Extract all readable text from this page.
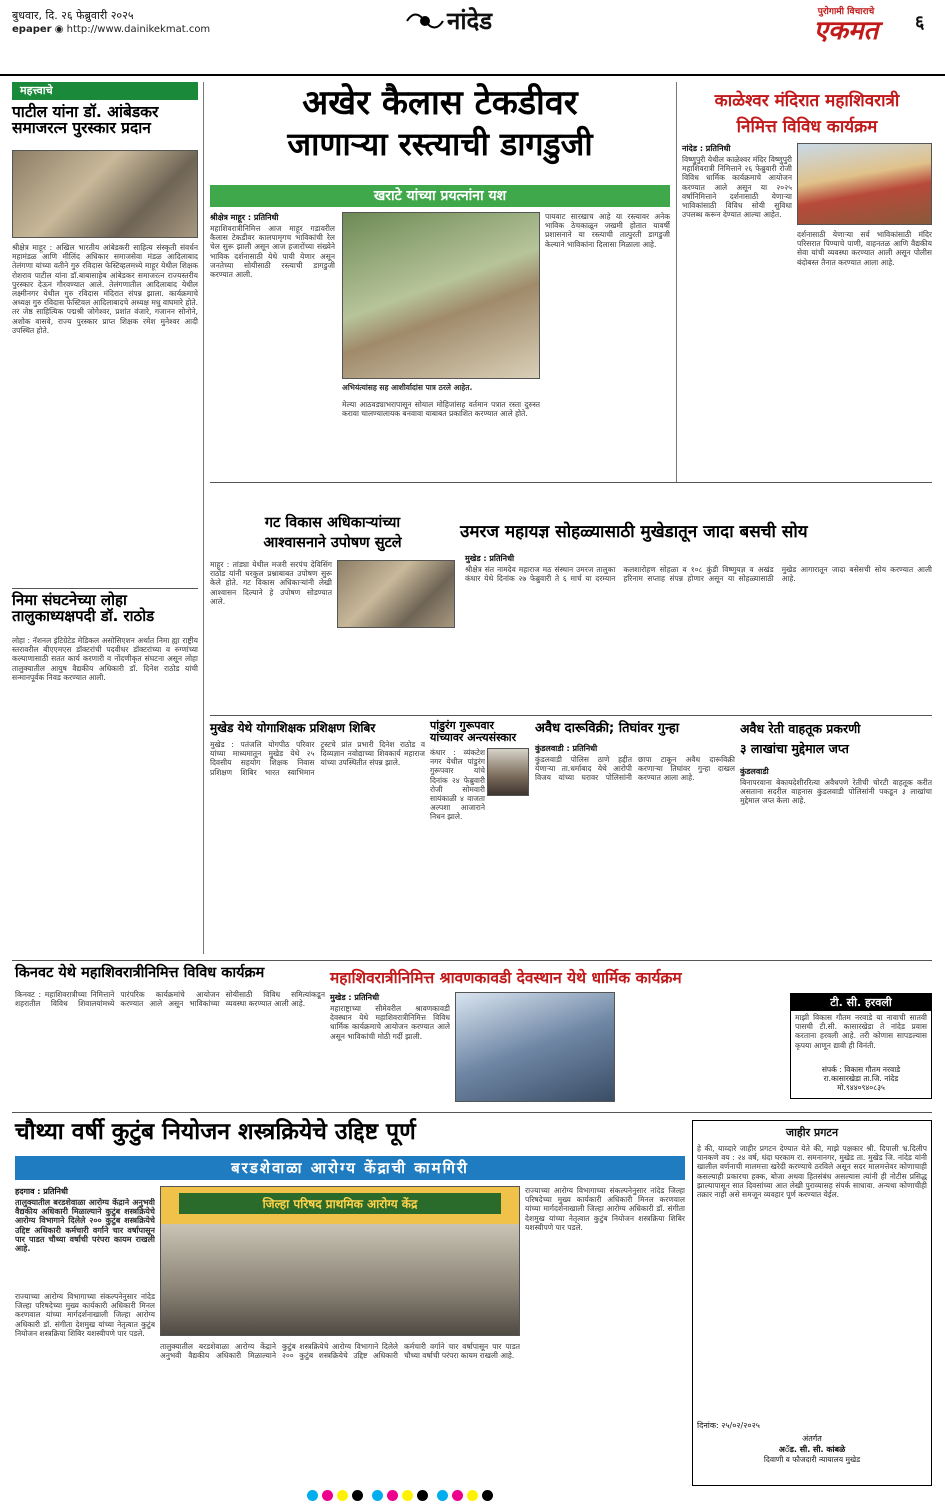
बुधवार, दि. २६ फेब्रुवारी २०२५
epaper ◉ http://www.dainikekmat.com	नांदेड	पुरोगामी विचाराचे
एकमत	६
महत्त्वाचे
पाटील यांना डॉ. आंबेडकर समाजरत्न पुरस्कार प्रदान
श्रीक्षेत्र माहूर : अखिल भारतीय आंबेडकरी साहित्य संस्कृती संवर्धन महामंडळ आणि मीलिंद अधिकार समाजसेवा मंडळ आदिलाबाद तेलंगणा यांच्या वतीने गुरु रविदास फेस्टिव्हलमध्ये माहूर येथील शिक्षक रोशराव पाटील यांना डॉ.बाबासाहेब आंबेडकर समाजरत्न राज्यस्तरीय पुरस्कार देऊन गौरवण्यात आले. तेलंगणातील आदिलाबाद येथील लक्ष्मीनगर येथील गुरु रविदास मंदिरात संपन्न झाला. कार्यक्रमाचे अध्यक्ष गुरु रविदास फेस्टिवल आदिलाबादचे अध्यक्ष मधु वाघमारे होते. तर जेष्ठ साहित्यिक पद्मश्री जोगेश्वर, प्रशांत वंजारे, गजानन सोनोने, अशोक वासवे, राज्य पुरस्कार प्राप्त शिक्षक रमेश मुनेश्वर आदी उपस्थित होते.
निमा संघटनेच्या लोहा तालुकाध्यक्षपदी डॉ. राठोड
लोहा : नॅशनल इंटिग्रेटेड मेडिकल असोसिएशन अर्थात निमा ह्या राष्ट्रीय स्तरावरील बीएएमएस डॉक्टरांची पदवीधर डॉक्टरांच्या व रुग्णांच्या कल्याणासाठी सतत कार्य करणारी व नोंदणीकृत संघटना असून लोहा तालुक्यातील आयुष वैद्यकीय अधिकारी डॉ. दिनेश राठोड यांची सन्मानपूर्वक निवड करण्यात आली.
अखेर कैलास टेकडीवर
जाणाऱ्या रस्त्याची डागडुजी
खराटे यांच्या प्रयत्नांना यश
श्रीक्षेत्र माहूर : प्रतिनिधी
महाशिवरात्रीनिमित्त आज माहूर गडावरील कैलास टेकडीवर कालपामृगच भाविकांची रेल चेल सुरू झाली असून आज हजारोंच्या संख्येने भाविक दर्शनासाठी येथे पायी येणार असून जनतेच्या सोयीसाठी रस्त्याची डागडुजी करण्यात आली.
अभियंत्यांसह सह आशीर्वादांस पात्र ठरले आहेत.
मेल्या आठवड्याभरापासून सोयाल मोहिजांसह वर्तमान पत्रात रस्ता दुरुस्त करावा चालण्यालायक बनवावा याबाबत प्रकाशित करण्यात आले होते.
पायवाट सारखाच आहे या रस्त्यावर अनेक भाविक ठेचकाळून जखमी होतात यावर्षी प्रशासनाने या रस्त्याची तात्पुरती डागडुजी केल्याने भाविकांना दिलासा मिळाला आहे.
काळेश्वर मंदिरात महाशिवरात्री
निमित्त विविध कार्यक्रम
नांदेड : प्रतिनिधी
विष्णुपुरी येथील काळेश्वर मंदिर विष्णुपुरी महाशिवरात्री निमित्ताने २६ फेब्रुवारी रोजी विविध धार्मिक कार्यक्रमाचे आयोजन करण्यात आले असून या २०२५ वर्षानिमित्ताने दर्शनासाठी येणाऱ्या भाविकांसाठी विविध सोयी सुविधा उपलब्ध करून देण्यात आल्या आहेत.
दर्शनासाठी येणाऱ्या सर्व भाविकांसाठी मंदिर परिसरात पिण्याचे पाणी, वाहनतळ आणि वैद्यकीय सेवा यांची व्यवस्था करण्यात आली असून पोलीस बंदोबस्त तैनात करण्यात आला आहे.
गट विकास अधिकाऱ्यांच्या
आश्वासनाने उपोषण सुटले
माहूर : तांड्या येथील मजरी सरपंच देविसिंग राठोड यांनी घरकुल प्रश्नाबाबत उपोषण सुरू केले होते. गट विकास अधिकाऱ्यांनी लेखी आश्वासन दिल्याने हे उपोषण सोडण्यात आले.
उमरज महायज्ञ सोहळ्यासाठी मुखेडातून जादा बसची सोय
मुखेड : प्रतिनिधी
श्रीक्षेत्र संत नामदेव महाराज मठ संस्थान उमरज तालुका कंधार येथे दिनांक २७ फेब्रुवारी ते ६ मार्च या दरम्यान कलशारोहण सोहळा व १०८ कुंडी विष्णुयज्ञ व अखंड हरिनाम सप्ताह संपन्न होणार असून या सोहळ्यासाठी मुखेड आगारातून जादा बसेसची सोय करण्यात आली आहे.
मुखेड येथे योगाशिक्षक प्रशिक्षण शिबिर
मुखेड : पतंजलि योगपीठ परिवार यांच्या माध्यमातून मुखेड येथे २५ दिवसीय सहयोग शिक्षक निवास प्रशिक्षण शिबिर भारत स्वाभिमान ट्रस्टचे प्रांत प्रभारी दिनेश राठोड व दिव्यज्ञान नवोद्याच्या शिवकार्य महाराज यांच्या उपस्थितीत संपन्न झाले.
पांडुरंग गुरूपवार यांच्यावर अन्त्यसंस्कार
कंधार : व्यंकटेश नगर येथील पांडुरंग गुरूपवार यांचे दिनांक २४ फेब्रुवारी रोजी सोमवारी सायंकाळी ४ वाजता अल्पशा आजाराने निधन झाले.
अवैध दारूविक्री; तिघांवर गुन्हा
कुंडलवाडी : प्रतिनिधी
कुंडलवाडी पोलिस ठाणे हद्दीत येणाऱ्या ता.धर्माबाद येथे आरोपी विजय यांच्या घरावर पोलिसांनी छापा टाकून अवैध दारूविक्री करणाऱ्या तिघांवर गुन्हा दाखल करण्यात आला आहे.
अवैध रेती वाहतूक प्रकरणी
३ लाखांचा मुद्देमाल जप्त
कुंडलवाडी
बिनापरवाना बेकायदेशीररित्या अवैधपणे रेतीची चोरटी वाहतूक करीत असताना सदरील वाहनास कुंडलवाडी पोलिसांनी पकडून ३ लाखांचा मुद्देमाल जप्त केला आहे.
किनवट येथे महाशिवरात्रीनिमित्त विविध कार्यक्रम
किनवट : महाशिवरात्रीच्या निमित्ताने शहरातील विविध शिवालयांमध्ये पारंपरिक कार्यक्रमांचे आयोजन करण्यात आले असून भाविकांच्या सोयीसाठी विविध समित्यांकडून व्यवस्था करण्यात आली आहे.
महाशिवरात्रीनिमित्त श्रावणकावडी देवस्थान येथे धार्मिक कार्यक्रम
मुखेड : प्रतिनिधी
महाराष्ट्राच्या सीमेवरील श्रावणकावडी देवस्थान येथे महाशिवरात्रीनिमित्त विविध धार्मिक कार्यक्रमाचे आयोजन करण्यात आले असून भाविकांची मोठी गर्दी झाली.
टी. सी. हरवली
माझी विकास गौतम नरवाडे या नावाची सातवी पासची टी.सी. कासारखेडा ते नांदेड प्रवास करताना हरवली आहे. तरी कोणास सापडल्यास कृपया आणून द्यावी ही विनंती.
संपर्क : विकास गौतम नरवाडे
रा.कासारखेडा ता.जि. नांदेड
मो.९४४०९४०८३५
चौथ्या वर्षी कुटुंब नियोजन शस्त्रक्रियेचे उद्दिष्ट पूर्ण
बरडशेवाळा आरोग्य केंद्राची कामगिरी
हदगाव : प्रतिनिधी
तालुक्यातील बरडशेवाळा आरोग्य केंद्राने अनुभवी वैद्यकीय अधिकारी मिळाल्याने कुटुंब शस्त्रक्रियेचे आरोग्य विभागाने दिलेले २०० कुटुंब शस्त्रक्रियेचे उद्दिष्ट अधिकारी कर्मचारी वर्गाने चार वर्षापासून पार पाडत चौथ्या वर्षाची परंपरा कायम राखली आहे.
जिल्हा परिषद प्राथमिक आरोग्य केंद्र
राज्याच्या आरोग्य विभागाच्या संकल्पनेनुसार नांदेड जिल्हा परिषदेच्या मुख्य कार्यकारी अधिकारी मिनल करणवाल यांच्या मार्गदर्शनाखाली जिल्हा आरोग्य अधिकारी डॉ. संगीता देशमुख यांच्या नेतृत्वात कुटुंब नियोजन शस्त्रक्रिया शिबिर यशस्वीपणे पार पडले.
राज्याच्या आरोग्य विभागाच्या संकल्पनेनुसार नांदेड जिल्हा परिषदेच्या मुख्य कार्यकारी अधिकारी मिनल करणवाल यांच्या मार्गदर्शनाखाली जिल्हा आरोग्य अधिकारी डॉ. संगीता देशमुख यांच्या नेतृत्वात कुटुंब नियोजन शस्त्रक्रिया शिबिर यशस्वीपणे पार पडले.
तालुक्यातील बरडशेवाळा आरोग्य केंद्राने अनुभवी वैद्यकीय अधिकारी मिळाल्याने कुटुंब शस्त्रक्रियेचे आरोग्य विभागाने दिलेले २०० कुटुंब शस्त्रक्रियेचे उद्दिष्ट अधिकारी कर्मचारी वर्गाने चार वर्षापासून पार पाडत चौथ्या वर्षाची परंपरा कायम राखली आहे.
जाहीर प्रगटन
हे की, याव्दारे जाहीर प्रगटन देण्यात येते की, माझे पक्षकार श्री. दिपाली भ्र.दिलीप पानकणे वय : २४ वर्ष, धंदा घरकाम रा. समनानगर, मुखेड ता. मुखेड जि. नांदेड यांनी खालील वर्णनाची मालमत्ता खरेदी करण्याचे ठरविले असून सदर मालमत्तेवर कोणाचाही कसल्याही प्रकारचा हक्क, बोजा अथवा हितसंबंध असल्यास त्यांनी ही नोटीस प्रसिद्ध झाल्यापासून सात दिवसांच्या आत लेखी पुराव्यासह संपर्क साधावा. अन्यथा कोणाचीही तक्रार नाही असे समजून व्यवहार पूर्ण करण्यात येईल.
दिनांक: २५/०२/२०२५
अंतर्गत
अॅड. सी. सी. कांबळे
दिवाणी व फौजदारी न्यायालय मुखेड
